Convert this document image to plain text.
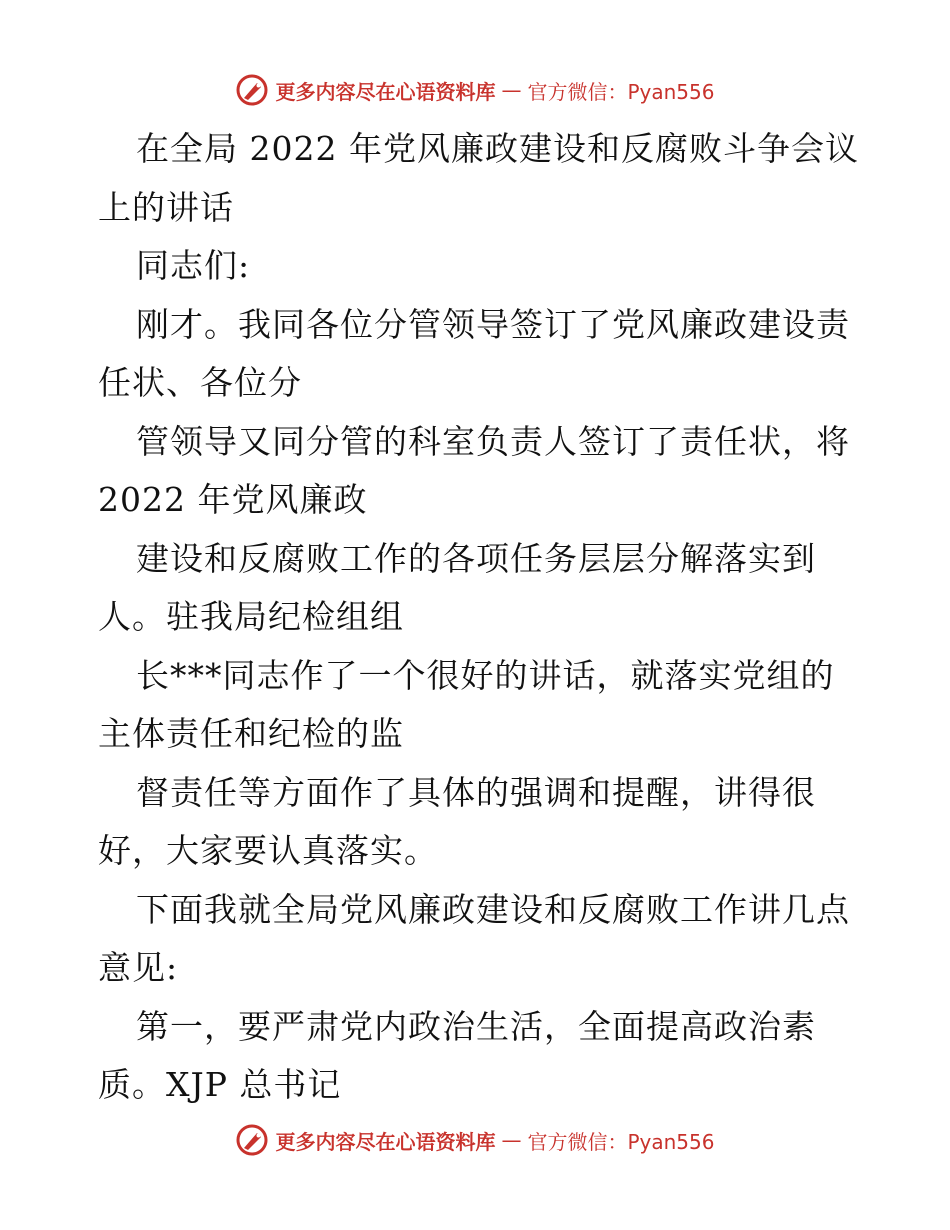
更多内容尽在心语资料库 — 官方微信：Pyan556
在全局 2022 年党风廉政建设和反腐败斗争会议
上的讲话
同志们:
刚才。我同各位分管领导签订了党风廉政建设责
任状、各位分
管领导又同分管的科室负责人签订了责任状，将
2022 年党风廉政
建设和反腐败工作的各项任务层层分解落实到
人。驻我局纪检组组
长***同志作了一个很好的讲话，就落实党组的
主体责任和纪检的监
督责任等方面作了具体的强调和提醒，讲得很
好，大家要认真落实。
下面我就全局党风廉政建设和反腐败工作讲几点
意见:
第一，要严肃党内政治生活，全面提高政治素
质。XJP 总书记
更多内容尽在心语资料库 — 官方微信：Pyan556
